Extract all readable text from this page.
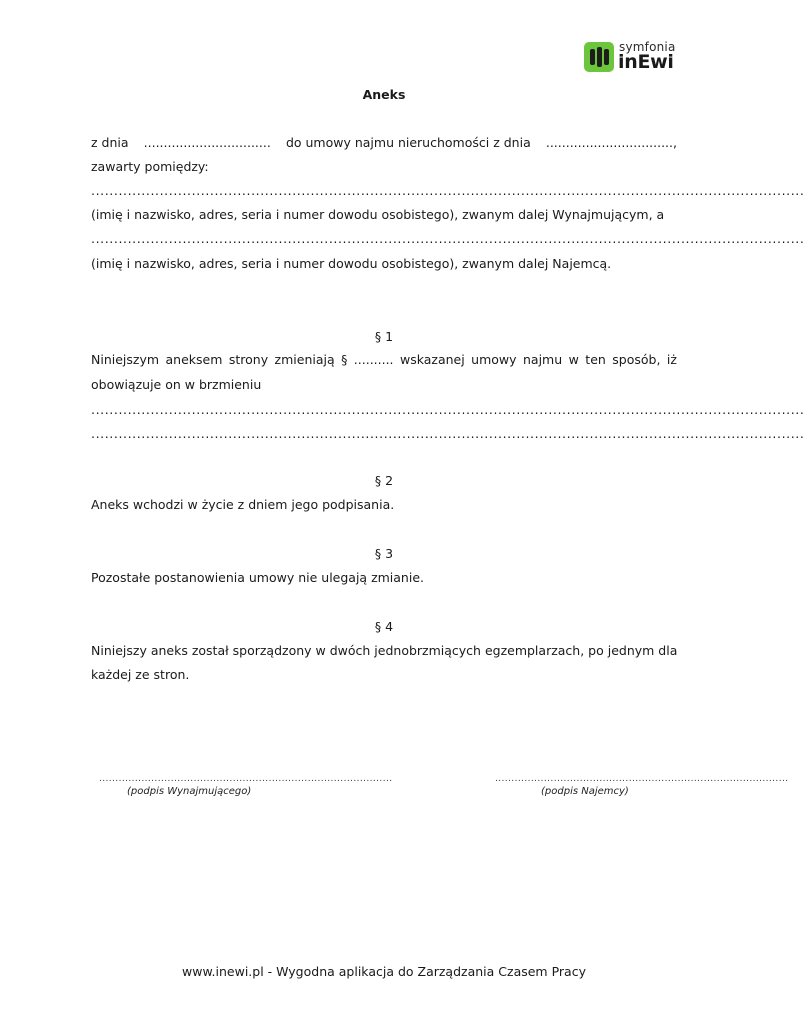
symfonia
inEwi
Aneks
z dnia ................................ do umowy najmu nieruchomości z dnia ................................,
zawarty pomiędzy:
............................................................................................................................................................
(imię i nazwisko, adres, seria i numer dowodu osobistego), zwanym dalej Wynajmującym, a
............................................................................................................................................................
(imię i nazwisko, adres, seria i numer dowodu osobistego), zwanym dalej Najemcą.
§ 1
Niniejszym aneksem strony zmieniają § .......... wskazanej umowy najmu w ten sposób, iż
obowiązuje on w brzmieniu
............................................................................................................................................................
............................................................................................................................................................
§ 2
Aneks wchodzi w życie z dniem jego podpisania.
§ 3
Pozostałe postanowienia umowy nie ulegają zmianie.
§ 4
Niniejszy aneks został sporządzony w dwóch jednobrzmiących egzemplarzach, po jednym dla
każdej ze stron.
..........................................................................................
(podpis Wynajmującego)
..........................................................................................
(podpis Najemcy)
www.inewi.pl - Wygodna aplikacja do Zarządzania Czasem Pracy
